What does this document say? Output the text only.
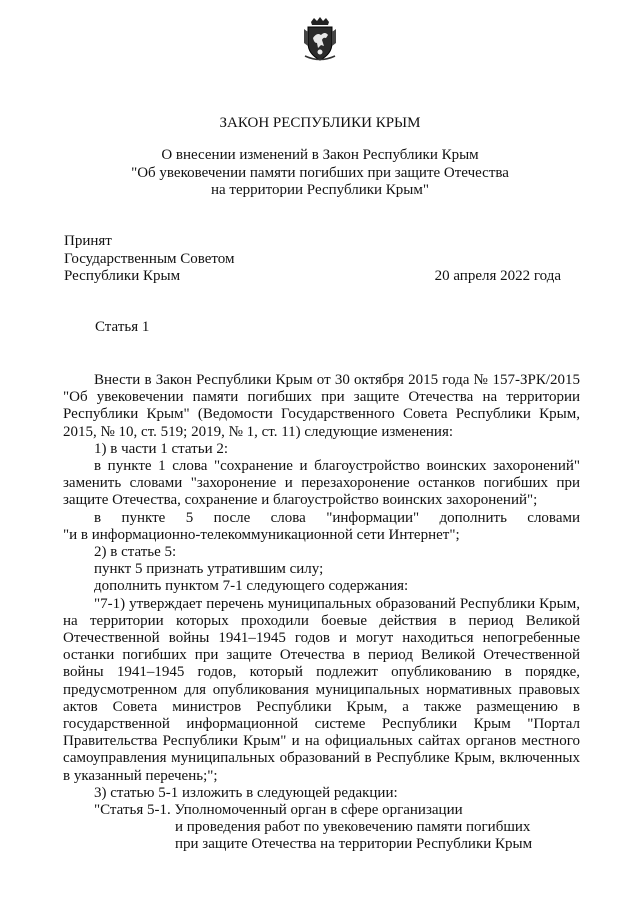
ЗАКОН РЕСПУБЛИКИ КРЫМ
О внесении изменений в Закон Республики Крым
"Об увековечении памяти погибших при защите Отечества
на территории Республики Крым"
Принят
Государственным Советом
Республики Крым	20 апреля 2022 года
Статья 1

Внести в Закон Республики Крым от 30 октября 2015 года № 157-ЗРК/2015 "Об увековечении памяти погибших при защите Отечества на территории Республики Крым" (Ведомости Государственного Совета Республики Крым, 2015, № 10, ст. 519; 2019, № 1, ст. 11) следующие изменения:

1) в части 1 статьи 2:

в пункте 1 слова "сохранение и благоустройство воинских захоронений" заменить словами "захоронение и перезахоронение останков погибших при защите Отечества, сохранение и благоустройство воинских захоронений";

в пункте 5 после слова "информации" дополнить словами

"и в информационно-телекоммуникационной сети Интернет";

2) в статье 5:

пункт 5 признать утратившим силу;

дополнить пунктом 7-1 следующего содержания:

"7-1) утверждает перечень муниципальных образований Республики Крым, на территории которых проходили боевые действия в период Великой Отечественной войны 1941–1945 годов и могут находиться непогребенные останки погибших при защите Отечества в период Великой Отечественной войны 1941–1945 годов, который подлежит опубликованию в порядке, предусмотренном для опубликования муниципальных нормативных правовых актов Совета министров Республики Крым, а также размещению в государственной информационной системе Республики Крым "Портал Правительства Республики Крым" и на официальных сайтах органов местного самоуправления муниципальных образований в Республике Крым, включенных в указанный перечень;";

3) статью 5-1 изложить в следующей редакции:

"Статья 5-1. Уполномоченный орган в сфере организации

и проведения работ по увековечению памяти погибших

при защите Отечества на территории Республики Крым
